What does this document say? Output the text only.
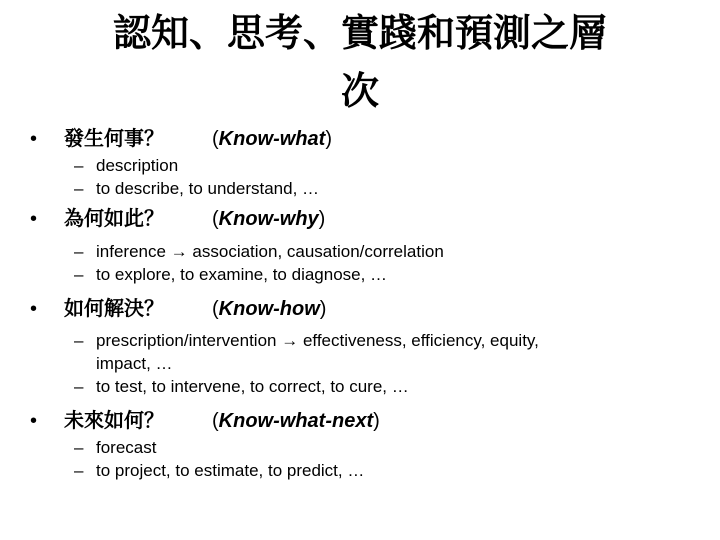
認知、思考、實踐和預測之層
次
• 發生何事？ (Know-what)
– description
– to describe, to understand, …
• 為何如此？ (Know-why)
– inference → association, causation/correlation
– to explore, to examine, to diagnose, …
• 如何解決？ (Know-how)
– prescription/intervention → effectiveness, efficiency, equity,
impact, …
– to test, to intervene, to correct, to cure, …
• 未來如何？ (Know-what-next)
– forecast
– to project, to estimate, to predict, …
